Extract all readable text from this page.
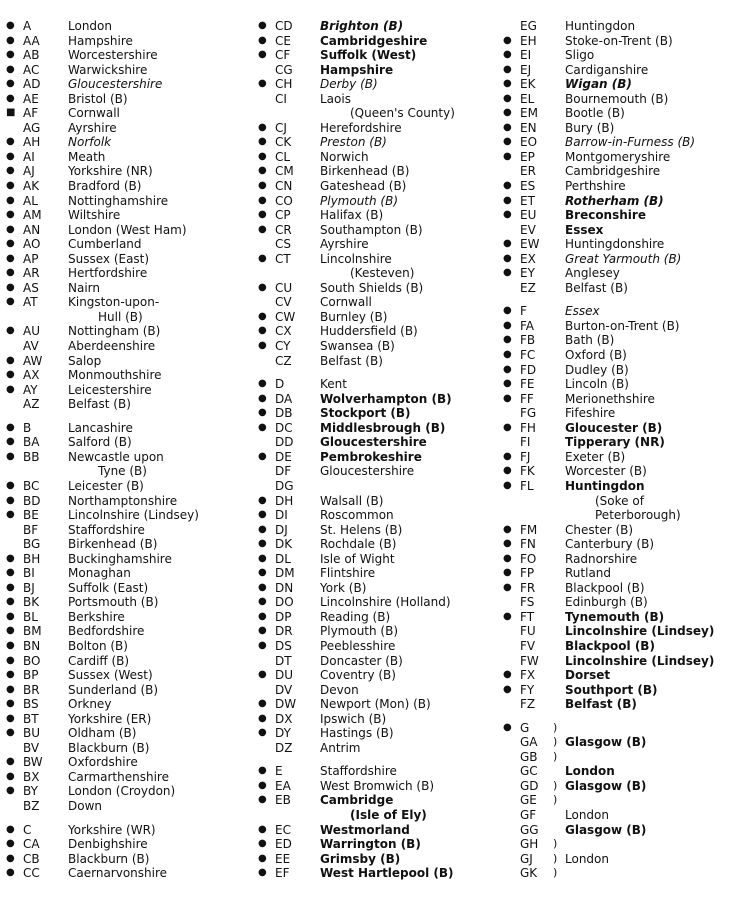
● A	London
● AA Hampshire
● AB Worcestershire
● AC Warwickshire
● AD Gloucestershire
● AE Bristol (B)
■ AF Cornwall
AG Ayrshire
● AH Norfolk
● AI	Meath
● AJ	Yorkshire (NR)
● AK Bradford (B)
● AL	Nottinghamshire
● AM Wiltshire
● AN London (West Ham)
● AO Cumberland
● AP Sussex (East)
● AR Hertfordshire
● AS Nairn
● AT	Kingston-upon-
Hull (B)
● AU Nottingham (B)
AV Aberdeenshire
● AW Salop
● AX Monmouthshire
● AY	Leicestershire
AZ Belfast (B)
● B	Lancashire
● BA Salford (B)
● BB Newcastle upon
Tyne (B)
● BC Leicester (B)
● BD Northamptonshire
● BE Lincolnshire (Lindsey)
BF Staffordshire
BG Birkenhead (B)
● BH Buckinghamshire
● BI	Monaghan
● BJ	Suffolk (East)
● BK Portsmouth (B)
● BL	Berkshire
● BM Bedfordshire
● BN Bolton (B)
● BO Cardiff (B)
● BP Sussex (West)
● BR Sunderland (B)
● BS Orkney
● BT Yorkshire (ER)
● BU Oldham (B)
BV Blackburn (B)
● BW Oxfordshire
● BX Carmarthenshire
● BY	London (Croydon)
BZ Down
● C	Yorkshire (WR)
● CA Denbighshire
● CB Blackburn (B)
● CC Caernarvonshire
● CD Brighton (B)
● CE Cambridgeshire
● CF Suffolk (West)
CG Hampshire
● CH Derby (B)
CI	Laois
(Queen's County)
● CJ	Herefordshire
● CK Preston (B)
● CL Norwich
● CM Birkenhead (B)
● CN Gateshead (B)
● CO Plymouth (B)
● CP Halifax (B)
● CR Southampton (B)
CS Ayrshire
● CT Lincolnshire
(Kesteven)
● CU South Shields (B)
CV Cornwall
● CW Burnley (B)
● CX Huddersfield (B)
● CY Swansea (B)
CZ Belfast (B)
● D	Kent
● DA Wolverhampton (B)
● DB Stockport (B)
● DC Middlesbrough (B)
DD Gloucestershire
● DE Pembrokeshire
DF Gloucestershire
DG
● DH Walsall (B)
● DI	Roscommon
● DJ	St. Helens (B)
● DK Rochdale (B)
● DL Isle of Wight
● DM Flintshire
● DN York (B)
● DO Lincolnshire (Holland)
● DP Reading (B)
● DR Plymouth (B)
● DS Peeblesshire
DT Doncaster (B)
● DU Coventry (B)
DV Devon
● DW Newport (Mon) (B)
● DX Ipswich (B)
● DY Hastings (B)
DZ Antrim
● E	Staffordshire
● EA West Bromwich (B)
● EB Cambridge
(Isle of Ely)
● EC Westmorland
● ED Warrington (B)
● EE Grimsby (B)
● EF	West Hartlepool (B)
EG Huntingdon
● EH Stoke-on-Trent (B)
● EI	Sligo
● EJ	Cardiganshire
● EK Wigan (B)
● EL	Bournemouth (B)
● EM Bootle (B)
● EN Bury (B)
● EO Barrow-in-Furness (B)
● EP	Montgomeryshire
ER Cambridgeshire
● ES Perthshire
● ET	Rotherham (B)
● EU Breconshire
EV Essex
● EW Huntingdonshire
● EX Great Yarmouth (B)
● EY	Anglesey
EZ Belfast (B)
● F	Essex
● FA	Burton-on-Trent (B)
● FB Bath (B)
● FC Oxford (B)
● FD Dudley (B)
● FE	Lincoln (B)
● FF	Merionethshire
FG Fifeshire
● FH Gloucester (B)
FI	Tipperary (NR)
● FJ	Exeter (B)
● FK	Worcester (B)
● FL	Huntingdon
(Soke of
Peterborough)
● FM Chester (B)
● FN Canterbury (B)
● FO Radnorshire
● FP	Rutland
● FR Blackpool (B)
FS	Edinburgh (B)
● FT	Tynemouth (B)
FU Lincolnshire (Lindsey)
FV Blackpool (B)
FW Lincolnshire (Lindsey)
● FX Dorset
● FY	Southport (B)
FZ Belfast (B)
● G )
GA ) Glasgow (B)
GB )
GC London
GD ) Glasgow (B)
GE )
GF London
GG Glasgow (B)
GH )
GJ ) London
GK )
